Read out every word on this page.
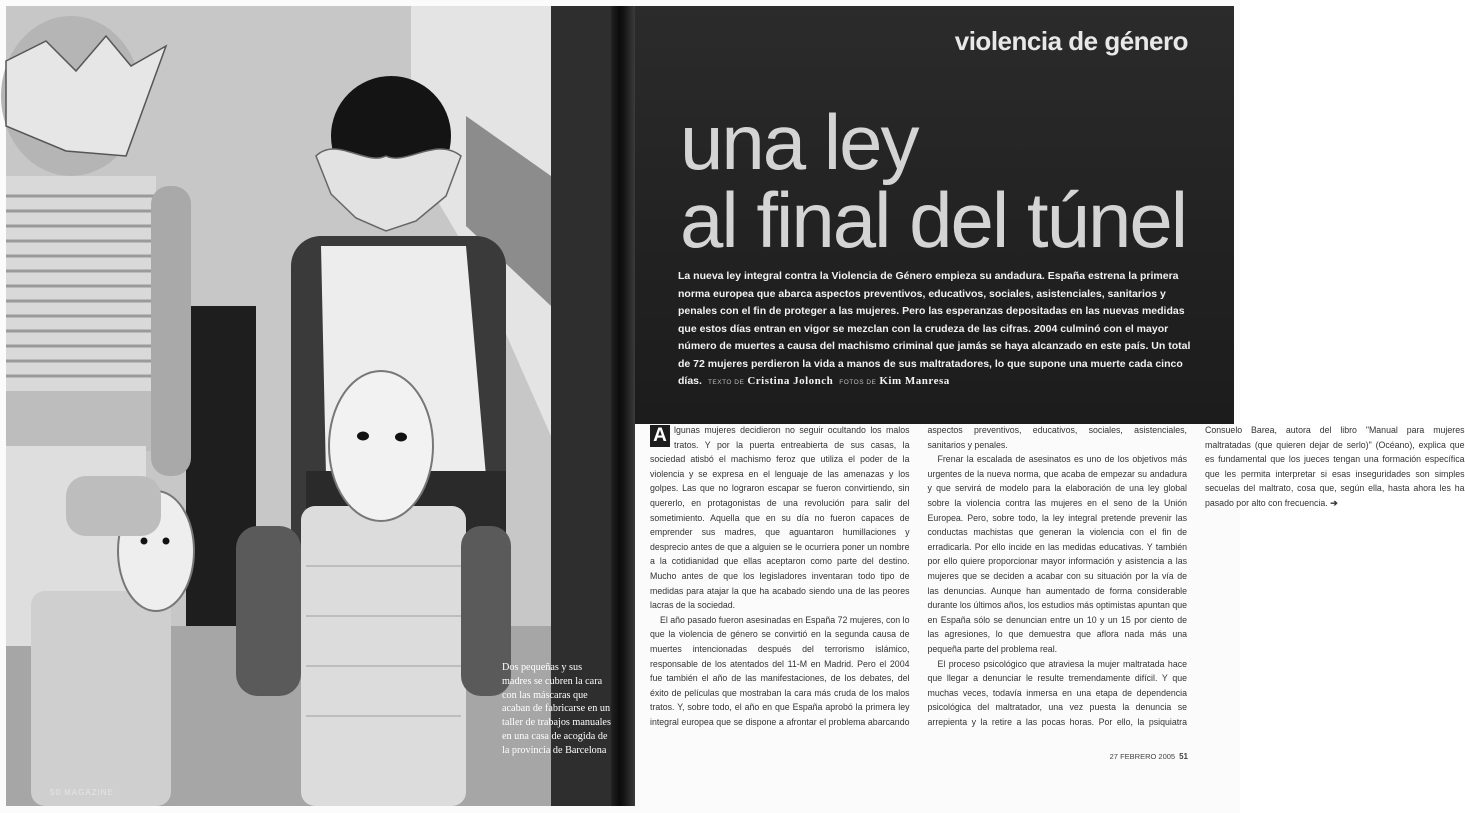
Dos pequeñas y sus madres se cubren la cara con las máscaras que acaban de fabricarse en un taller de trabajos manuales en una casa de acogida de la provincia de Barcelona

50 MAGAZINE
violencia de género
una ley
al final del túnel

La nueva ley integral contra la Violencia de Género empieza su andadura. España estrena la primera norma europea que abarca aspectos preventivos, educativos, sociales, asistenciales, sanitarios y penales con el fin de proteger a las mujeres. Pero las esperanzas depositadas en las nuevas medidas que estos días entran en vigor se mezclan con la crudeza de las cifras. 2004 culminó con el mayor número de muertes a causa del machismo criminal que jamás se haya alcanzado en este país. Un total de 72 mujeres perdieron la vida a manos de sus maltratadores, lo que supone una muerte cada cinco días. TEXTO DE Cristina Jolonch FOTOS DE Kim Manresa

A lgunas mujeres decidieron no seguir ocultando los malos tratos. Y por la puerta entreabierta de sus casas, la sociedad atisbó el machismo feroz que utiliza el poder de la violencia y se expresa en el lenguaje de las amenazas y los golpes. Las que no lograron escapar se fueron convirtiendo, sin quererlo, en protagonistas de una revolución para salir del sometimiento. Aquella que en su día no fueron capaces de emprender sus madres, que aguantaron humillaciones y desprecio antes de que a alguien se le ocurriera poner un nombre a la cotidianidad que ellas aceptaron como parte del destino. Mucho antes de que los legisladores inventaran todo tipo de medidas para atajar la que ha acabado siendo una de las peores lacras de la sociedad.

El año pasado fueron asesinadas en España 72 mujeres, con lo que la violencia de género se convirtió en la segunda causa de muertes intencionadas después del terrorismo islámico, responsable de los atentados del 11-M en Madrid. Pero el 2004 fue también el año de las manifestaciones, de los debates, del éxito de películas que mostraban la cara más cruda de los malos tratos. Y, sobre todo, el año en que España aprobó la primera ley integral europea que se dispone a afrontar el problema abarcando aspectos preventivos, educativos, sociales, asistenciales, sanitarios y penales.

Frenar la escalada de asesinatos es uno de los objetivos más urgentes de la nueva norma, que acaba de empezar su andadura y que servirá de modelo para la elaboración de una ley global sobre la violencia contra las mujeres en el seno de la Unión Europea. Pero, sobre todo, la ley integral pretende prevenir las conductas machistas que generan la violencia con el fin de erradicarla. Por ello incide en las medidas educativas. Y también por ello quiere proporcionar mayor información y asistencia a las mujeres que se deciden a acabar con su situación por la vía de las denuncias. Aunque han aumentado de forma considerable durante los últimos años, los estudios más optimistas apuntan que en España sólo se denuncian entre un 10 y un 15 por ciento de las agresiones, lo que demuestra que aflora nada más una pequeña parte del problema real.

El proceso psicológico que atraviesa la mujer maltratada hace que llegar a denunciar le resulte tremendamente difícil. Y que muchas veces, todavía inmersa en una etapa de dependencia psicológica del maltratador, una vez puesta la denuncia se arrepienta y la retire a las pocas horas. Por ello, la psiquiatra Consuelo Barea, autora del libro "Manual para mujeres maltratadas (que quieren dejar de serlo)" (Océano), explica que es fundamental que los jueces tengan una formación específica que les permita interpretar si esas inseguridades son simples secuelas del maltrato, cosa que, según ella, hasta ahora les ha pasado por alto con frecuencia. ➔

27 FEBRERO 2005 51
